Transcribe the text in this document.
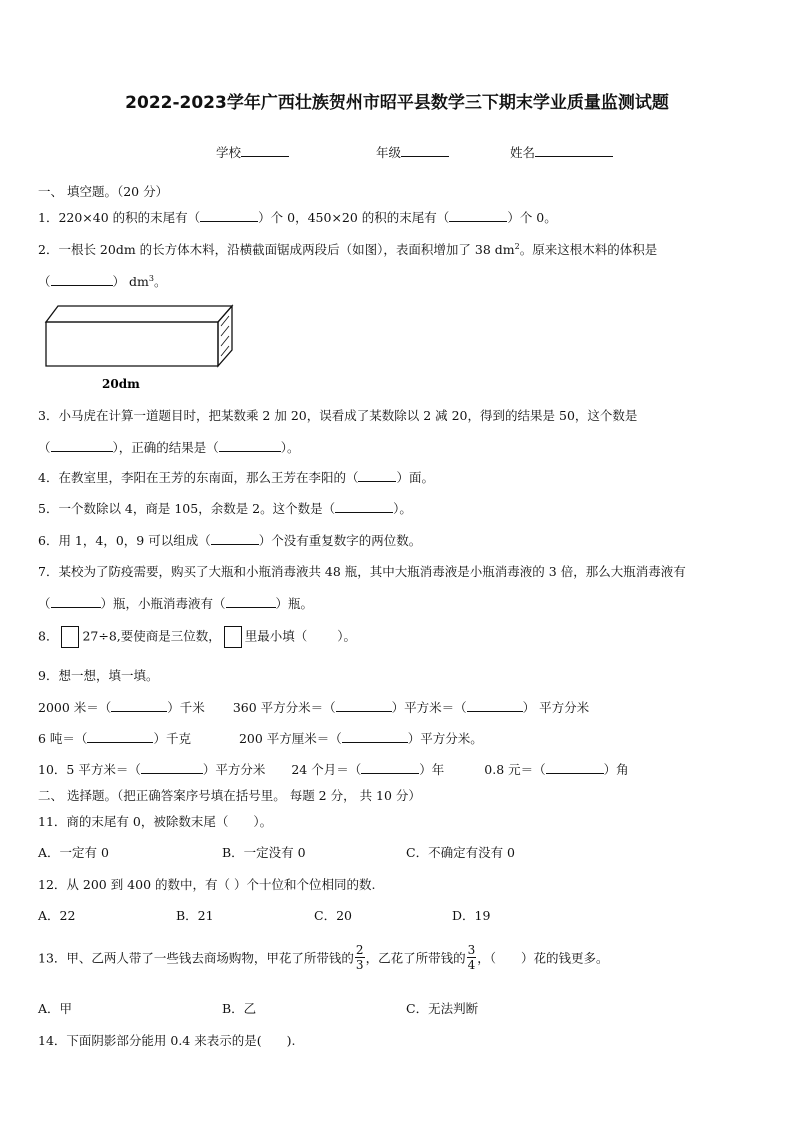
2022-2023学年广西壮族贺州市昭平县数学三下期末学业质量监测试题
学校	年级	姓名
一、 填空题。（20 分）
1．220×40 的积的末尾有（	）个 0，450×20 的积的末尾有（	）个 0。
2．一根长 20dm 的长方体木料，沿横截面锯成两段后（如图），表面积增加了 38 $dm^2$。原来这根木料的体积是
（	） $dm^3$。
20dm
3．小马虎在计算一道题目时，把某数乘 2 加 20，误看成了某数除以 2 减 20，得到的结果是 50，这个数是
（	），正确的结果是（	）。
4．在教室里，李阳在王芳的东南面，那么王芳在李阳的（	）面。
5．一个数除以 4，商是 105，余数是 2。这个数是（	）。
6．用 1，4，0，9 可以组成（	）个没有重复数字的两位数。
7．某校为了防疫需要，购买了大瓶和小瓶消毒液共 48 瓶，其中大瓶消毒液是小瓶消毒液的 3 倍，那么大瓶消毒液有
（	）瓶，小瓶消毒液有（	）瓶。
8． 27÷8,要使商是三位数， 里最小填（ ）。
9．想一想，填一填。
2000 米＝（	）千米 360 平方分米＝（	）平方米＝（	） 平方分米
6 吨＝（	）千克	200 平方厘米＝（	）平方分米。
10．5 平方米＝（	）平方分米 24 个月＝（	）年	0.8 元＝（	）角
二、 选择题。（把正确答案序号填在括号里。 每题 2 分， 共 10 分）
11．商的末尾有 0，被除数末尾（　　）。
A．一定有 0	B．一定没有 0	C．不确定有没有 0
12．从 200 到 400 的数中，有（ ）个十位和个位相同的数.
A．22	B．21	C．20	D．19
13．甲、乙两人带了一些钱去商场购物，甲花了所带钱的 $\frac{2}{3}$ ，乙花了所带钱的 $\frac{3}{4}$ ，（　　）花的钱更多。
A．甲	B．乙	C．无法判断
14．下面阴影部分能用 0.4 来表示的是(　　).
